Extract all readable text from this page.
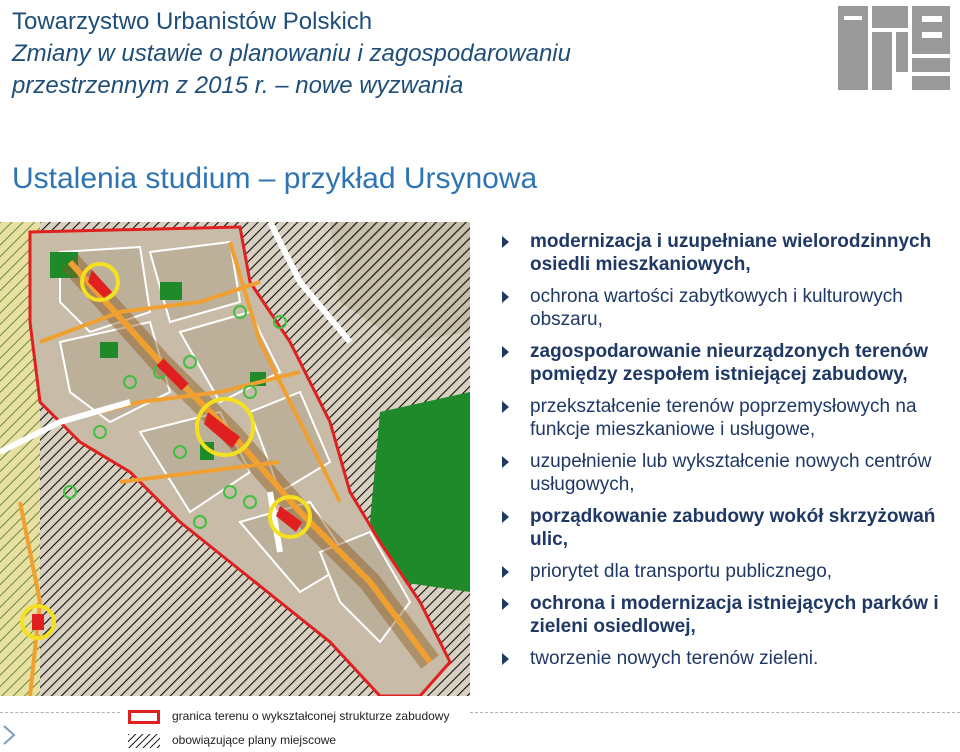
Towarzystwo Urbanistów Polskich
Zmiany w ustawie o planowaniu i zagospodarowaniu
przestrzennym z 2015 r. – nowe wyzwania
Ustalenia studium – przykład Ursynowa
modernizacja i uzupełniane wielorodzinnych osiedli mieszkaniowych,
ochrona wartości zabytkowych i kulturowych obszaru,
zagospodarowanie nieurządzonych terenów pomiędzy zespołem istniejącej zabudowy,
przekształcenie terenów poprzemysłowych na funkcje mieszkaniowe i usługowe,
uzupełnienie lub wykształcenie nowych centrów usługowych,
porządkowanie zabudowy wokół skrzyżowań ulic,
priorytet dla transportu publicznego,
ochrona i modernizacja istniejących parków i zieleni osiedlowej,
tworzenie nowych terenów zieleni.
granica terenu o wykształconej strukturze zabudowy
obowiązujące plany miejscowe
